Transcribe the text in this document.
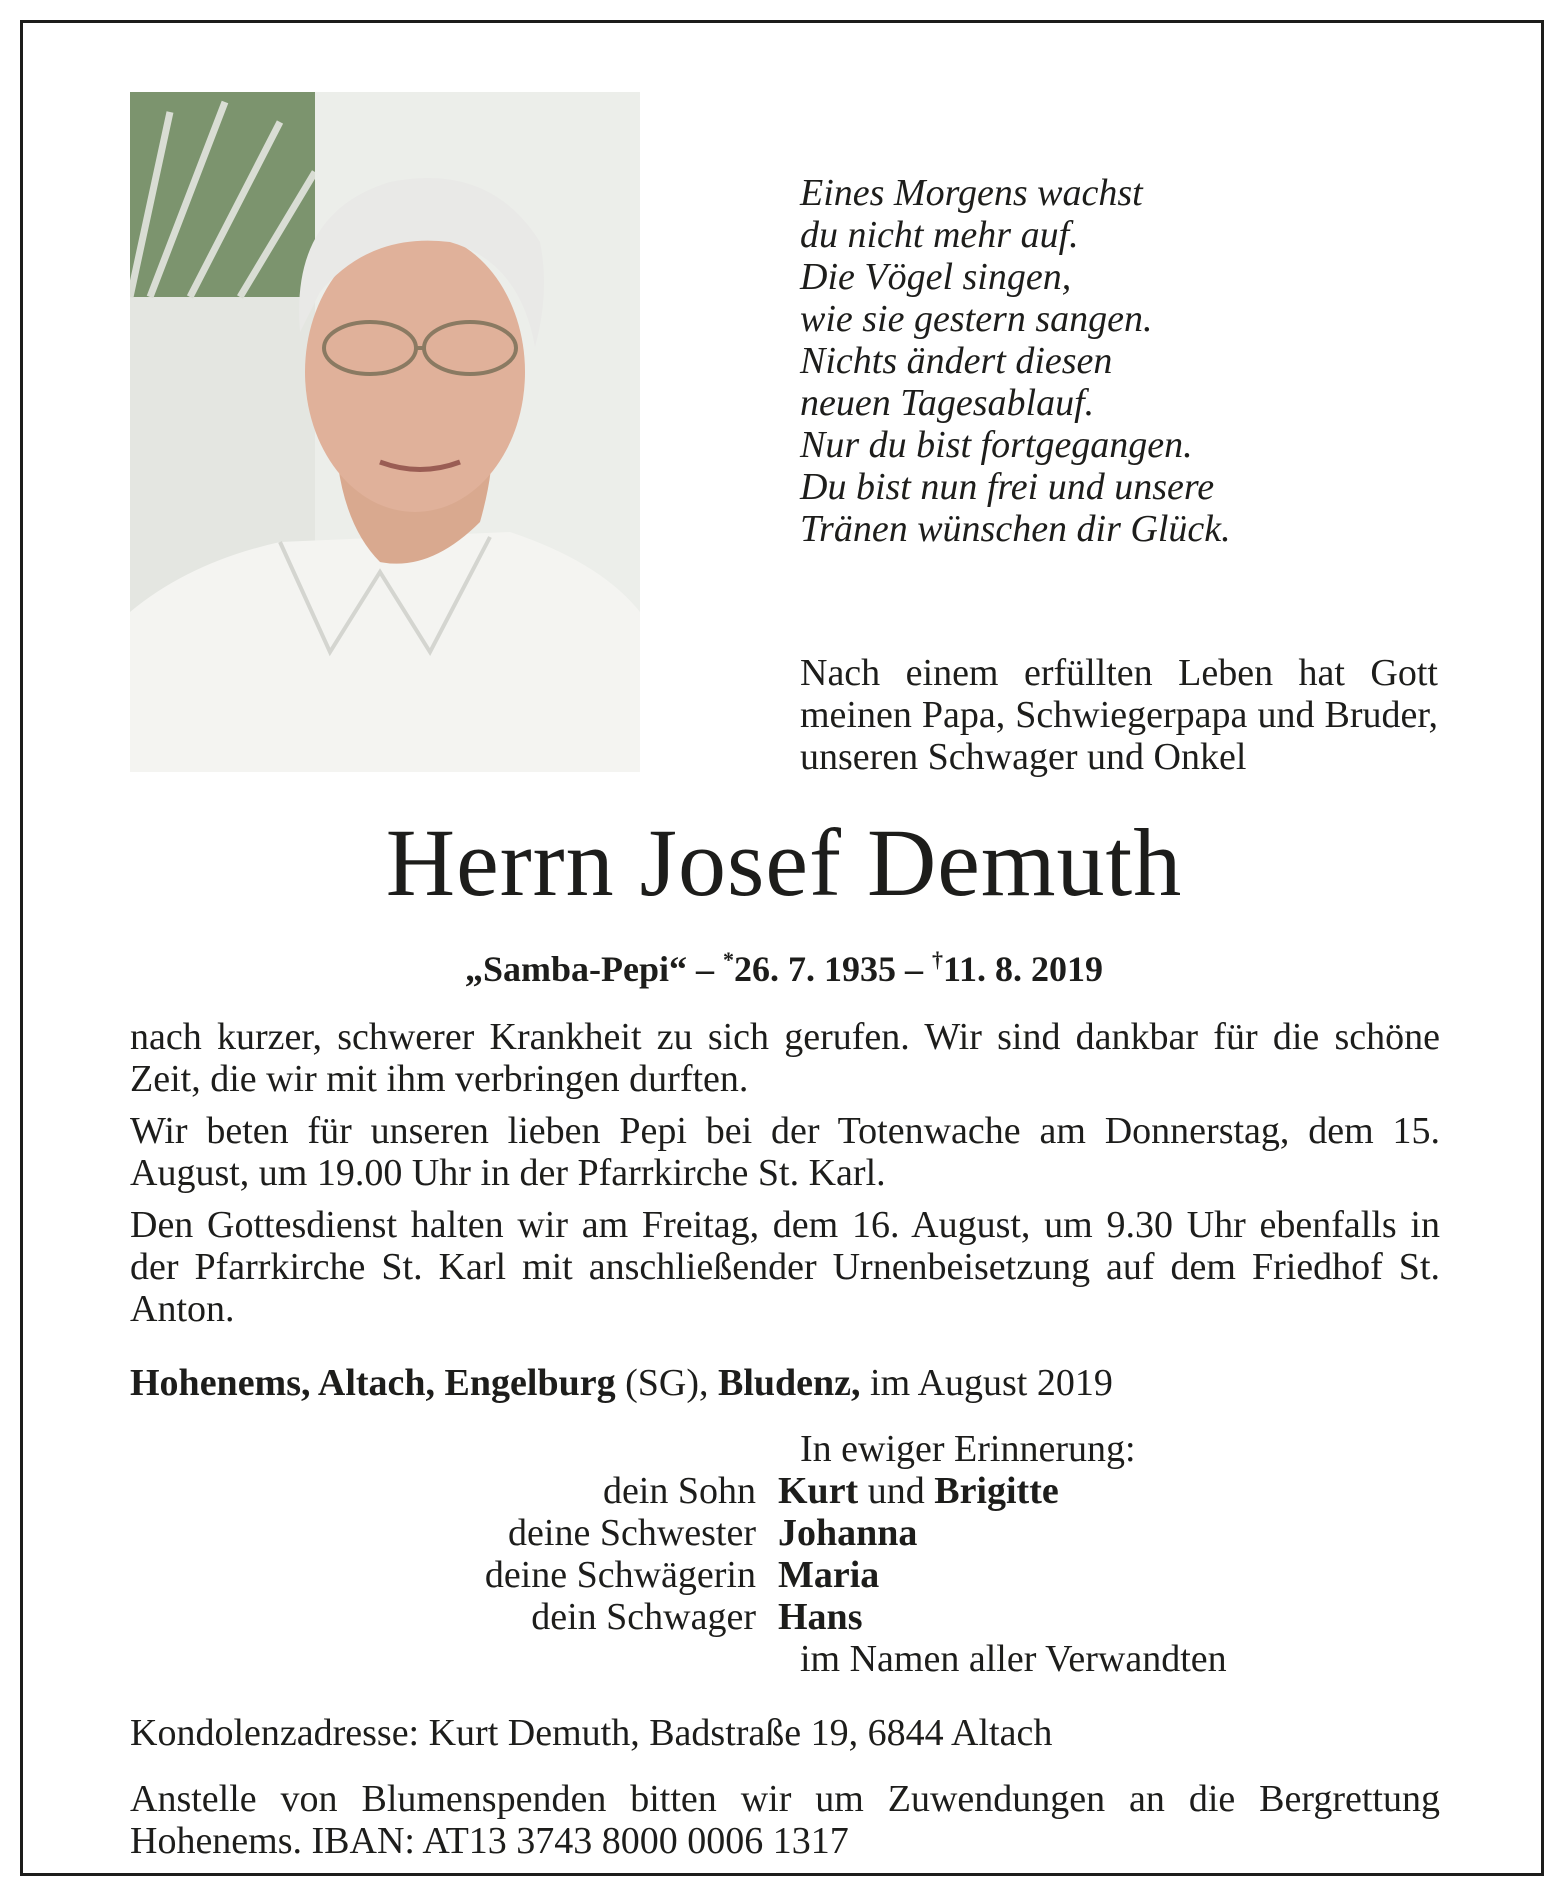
Eines Morgens wachst
du nicht mehr auf.
Die Vögel singen,
wie sie gestern sangen.
Nichts ändert diesen
neuen Tagesablauf.
Nur du bist fortgegangen.
Du bist nun frei und unsere
Tränen wünschen dir Glück.
Nach einem erfüllten Leben hat Gott meinen Papa, Schwiegerpapa und Bruder, unseren Schwager und Onkel
Herrn Josef Demuth
„Samba-Pepi“ – *26. 7. 1935 – †11. 8. 2019

nach kurzer, schwerer Krankheit zu sich gerufen. Wir sind dankbar für die schöne Zeit, die wir mit ihm verbringen durften.

Wir beten für unseren lieben Pepi bei der Totenwache am Donnerstag, dem 15. August, um 19.00 Uhr in der Pfarrkirche St. Karl.

Den Gottesdienst halten wir am Freitag, dem 16. August, um 9.30 Uhr ebenfalls in der Pfarrkirche St. Karl mit anschließender Urnenbeisetzung auf dem Friedhof St. Anton.

Hohenems, Altach, Engelburg (SG), Bludenz, im August 2019
In ewiger Erinnerung:
dein Sohn Kurt und Brigitte
deine Schwester Johanna
deine Schwägerin Maria
dein Schwager Hans
im Namen aller Verwandten
Kondolenzadresse: Kurt Demuth, Badstraße 19, 6844 Altach
Anstelle von Blumenspenden bitten wir um Zuwendungen an die Bergrettung Hohenems. IBAN: AT13 3743 8000 0006 1317
